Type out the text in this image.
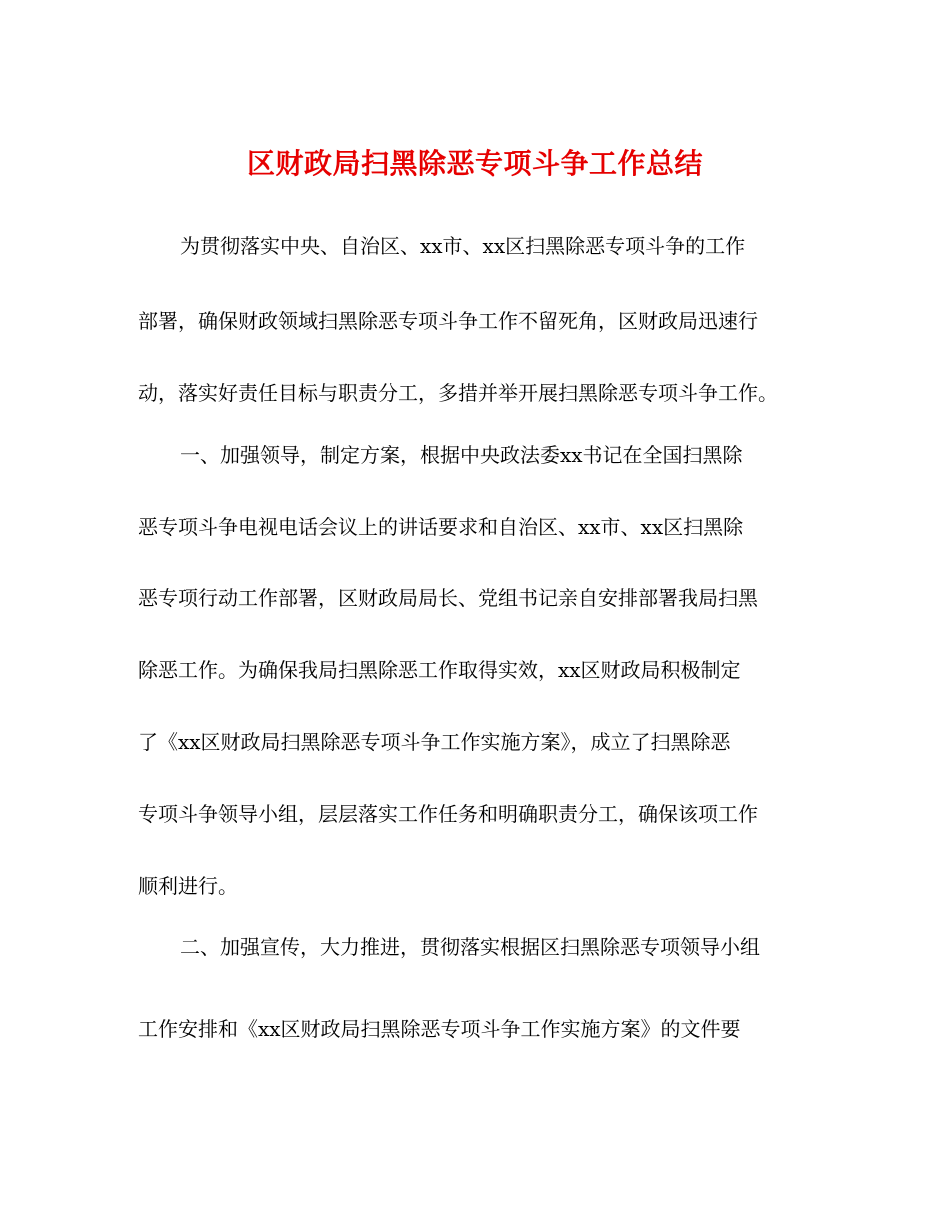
区财政局扫黑除恶专项斗争工作总结
为贯彻落实中央、自治区、xx市、xx区扫黑除恶专项斗争的工作
部署，确保财政领域扫黑除恶专项斗争工作不留死角，区财政局迅速行
动，落实好责任目标与职责分工，多措并举开展扫黑除恶专项斗争工作。
一、加强领导，制定方案，根据中央政法委xx书记在全国扫黑除
恶专项斗争电视电话会议上的讲话要求和自治区、xx市、xx区扫黑除
恶专项行动工作部署，区财政局局长、党组书记亲自安排部署我局扫黑
除恶工作。为确保我局扫黑除恶工作取得实效，xx区财政局积极制定
了《xx区财政局扫黑除恶专项斗争工作实施方案》，成立了扫黑除恶
专项斗争领导小组，层层落实工作任务和明确职责分工，确保该项工作
顺利进行。
二、加强宣传，大力推进，贯彻落实根据区扫黑除恶专项领导小组
工作安排和《xx区财政局扫黑除恶专项斗争工作实施方案》的文件要
